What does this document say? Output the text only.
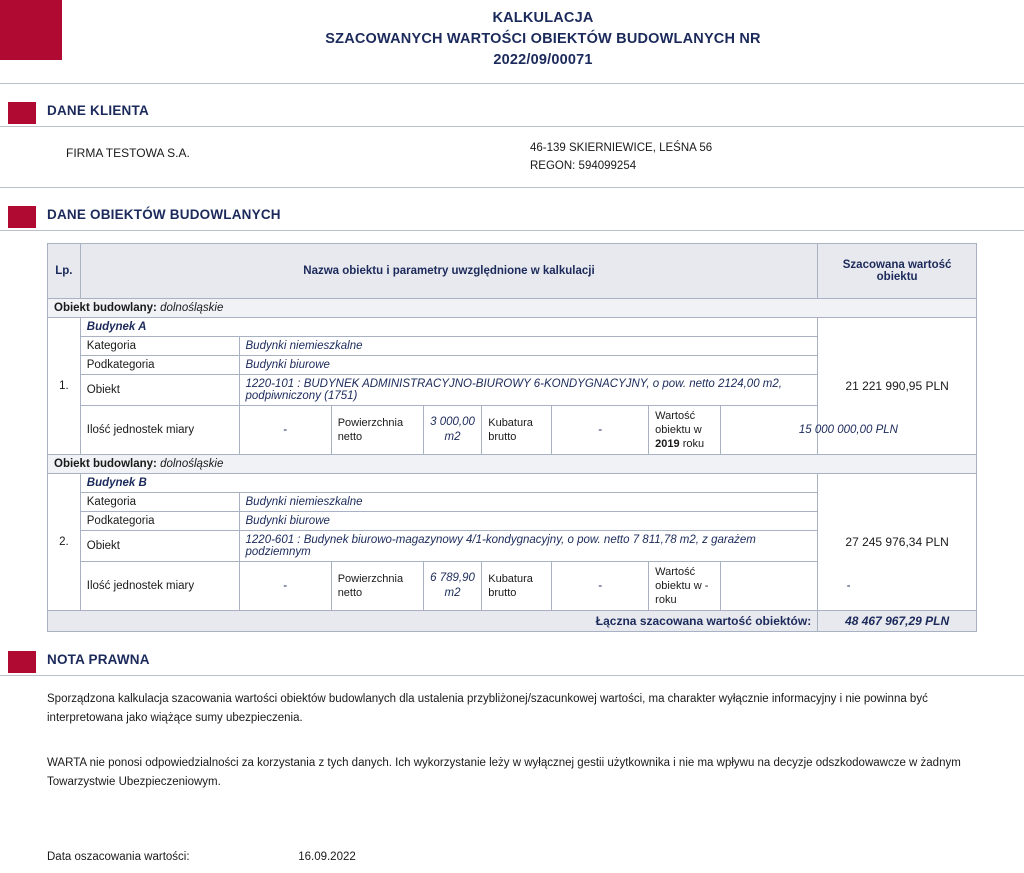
KALKULACJA
SZACOWANYCH WARTOŚCI OBIEKTÓW BUDOWLANYCH NR
2022/09/00071
DANE KLIENTA
FIRMA TESTOWA S.A.	46-139 SKIERNIEWICE, LEŚNA 56
REGON: 594099254
DANE OBIEKTÓW BUDOWLANYCH
Lp.	Nazwa obiektu i parametry uwzględnione w kalkulacji								Szacowana wartość obiektu
Obiekt budowlany: dolnośląskie									
1.	Budynek A								21 221 990,95 PLN
	Kategoria	Budynki niemieszkalne							
	Podkategoria	Budynki biurowe							
	Obiekt	1220-101 : BUDYNEK ADMINISTRACYJNO-BIUROWY 6-KONDYGNACYJNY, o pow. netto 2124,00 m2, podpiwniczony (1751)							
	Ilość jednostek miary	-	Powierzchnia netto	3 000,00 m2	Kubatura brutto	-	Wartość obiektu w 2019 roku	15 000 000,00 PLN	
Obiekt budowlany: dolnośląskie									
2.	Budynek B								27 245 976,34 PLN
	Kategoria	Budynki niemieszkalne							
	Podkategoria	Budynki biurowe							
	Obiekt	1220-601 : Budynek biurowo-magazynowy 4/1-kondygnacyjny, o pow. netto 7 811,78 m2, z garażem podziemnym							
	Ilość jednostek miary	-	Powierzchnia netto	6 789,90 m2	Kubatura brutto	-	Wartość obiektu w - roku	-	
Łączna szacowana wartość obiektów:									48 467 967,29 PLN
NOTA PRAWNA
Sporządzona kalkulacja szacowania wartości obiektów budowlanych dla ustalenia przybliżonej/szacunkowej wartości, ma charakter wyłącznie informacyjny i nie powinna być interpretowana jako wiążące sumy ubezpieczenia.
WARTA nie ponosi odpowiedzialności za korzystania z tych danych. Ich wykorzystanie leży w wyłącznej gestii użytkownika i nie ma wpływu na decyzje odszkodowawcze w żadnym Towarzystwie Ubezpieczeniowym.
Data oszacowania wartości:	16.09.2022
